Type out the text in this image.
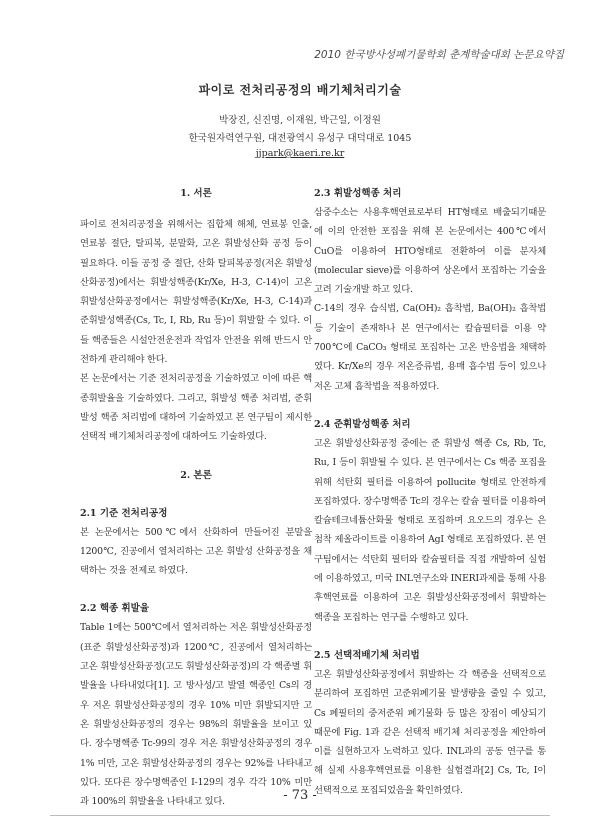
2010 한국방사성폐기물학회 춘계학술대회 논문요약집
파이로 전처리공정의 배기체처리기술
박장진, 신진명, 이재원, 박근일, 이정원
한국원자력연구원, 대전광역시 유성구 대덕대로 1045
jjpark@kaeri.re.kr
1. 서론
파이로 전처리공정을 위해서는 집합체 해체, 연료봉 인출, 연료봉 절단, 탈피복, 분말화, 고온 휘발성산화 공정 등이 필요하다. 이들 공정 중 절단, 산화 탈피복공정(저온 휘발성산화공정)에서는 휘발성핵종(Kr/Xe, H-3, C-14)이 고온 휘발성산화공정에서는 휘발성핵종(Kr/Xe, H-3, C-14)과 준휘발성핵종(Cs, Tc, I, Rb, Ru 등)이 휘발할 수 있다. 이들 핵종들은 시설안전운전과 작업자 안전을 위해 반드시 안전하게 관리해야 한다.
본 논문에서는 기준 전처리공정을 기술하였고 이에 따른 핵종휘발율을 기술하였다. 그리고, 휘발성 핵종 처리법, 준휘발성 핵종 처리법에 대하여 기술하였고 본 연구팀이 제시한 선택적 배기체처리공정에 대하여도 기술하였다.
2. 본론
2.1 기준 전처리공정
본 논문에서는 500℃에서 산화하여 만들어진 분말을 1200℃, 진공에서 열처리하는 고온 휘발성 산화공정을 채택하는 것을 전제로 하였다.
2.2 핵종 휘발율
Table 1에는 500℃에서 열처리하는 저온 휘발성산화공정(표준 휘발성산화공정)과 1200℃, 진공에서 열처리하는 고온 휘발성산화공정(고도 휘발성산화공정)의 각 핵종별 휘발율을 나타내었다[1]. 고 방사성/고 발열 핵종인 Cs의 경우 저온 휘발성산화공정의 경우 10% 미만 휘발되지만 고온 휘발성산화공정의 경우는 98%의 휘발율을 보이고 있다. 장수명핵종 Tc-99의 경우 저온 휘발성산화공정의 경우 1% 미만, 고온 휘발성산화공정의 경우는 92%를 나타내고 있다. 또다른 장수명핵종인 I-129의 경우 각각 10% 미만과 100%의 휘발율을 나타내고 있다.
2.3 휘발성핵종 처리
삼중수소는 사용후핵연료로부터 HT형태로 배출되기때문에 이의 안전한 포집을 위해 본 논문에서는 400℃에서 CuO를 이용하여 HTO형태로 전환하여 이를 분자체(molecular sieve)를 이용하여 상온에서 포집하는 기술을 고려 기술개발 하고 있다.
C-14의 경우 습식법, Ca(OH)₂ 흡착법, Ba(OH)₂ 흡착법 등 기술이 존재하나 본 연구에서는 칼슘필터를 이용 약 700℃에 CaCO₃ 형태로 포집하는 고온 반응법을 채택하였다. Kr/Xe의 경우 저온증류법, 용매 흡수법 등이 있으나 저온 고체 흡착법을 적용하였다.
2.4 준휘발성핵종 처리
고온 휘발성산화공정 중에는 준 휘발성 핵종 Cs, Rb, Tc, Ru, I 등이 휘발될 수 있다. 본 연구에서는 Cs 핵종 포집을 위해 석탄회 필터를 이용하여 pollucite 형태로 안전하게 포집하였다. 장수명핵종 Tc의 경우는 칼슘 필터를 이용하여 칼슘테크네튬산화물 형태로 포집하며 요오드의 경우는 은첨착 제올라이트를 이용하여 AgI 형태로 포집하였다. 본 연구팀에서는 석탄회 필터와 칼슘필터를 직접 개발하여 실험에 이용하였고, 미국 INL연구소와 INERI과제를 통해 사용후핵연료를 이용하여 고온 휘발성산화공정에서 휘발하는 핵종을 포집하는 연구를 수행하고 있다.
2.5 선택적배기체 처리법
고온 휘발성산화공정에서 휘발하는 각 핵종을 선택적으로 분리하여 포집하면 고준위폐기물 발생량을 줄일 수 있고, Cs 폐필터의 중저준위 폐기물화 등 많은 장점이 예상되기 때문에 Fig. 1과 같은 선택적 배기체 처리공정을 제안하여 이를 실현하고자 노력하고 있다. INL과의 공동 연구를 통해 실제 사용후핵연료를 이용한 실험결과[2] Cs, Tc, I이 선택적으로 포집되었음을 확인하였다.
- 73 -
